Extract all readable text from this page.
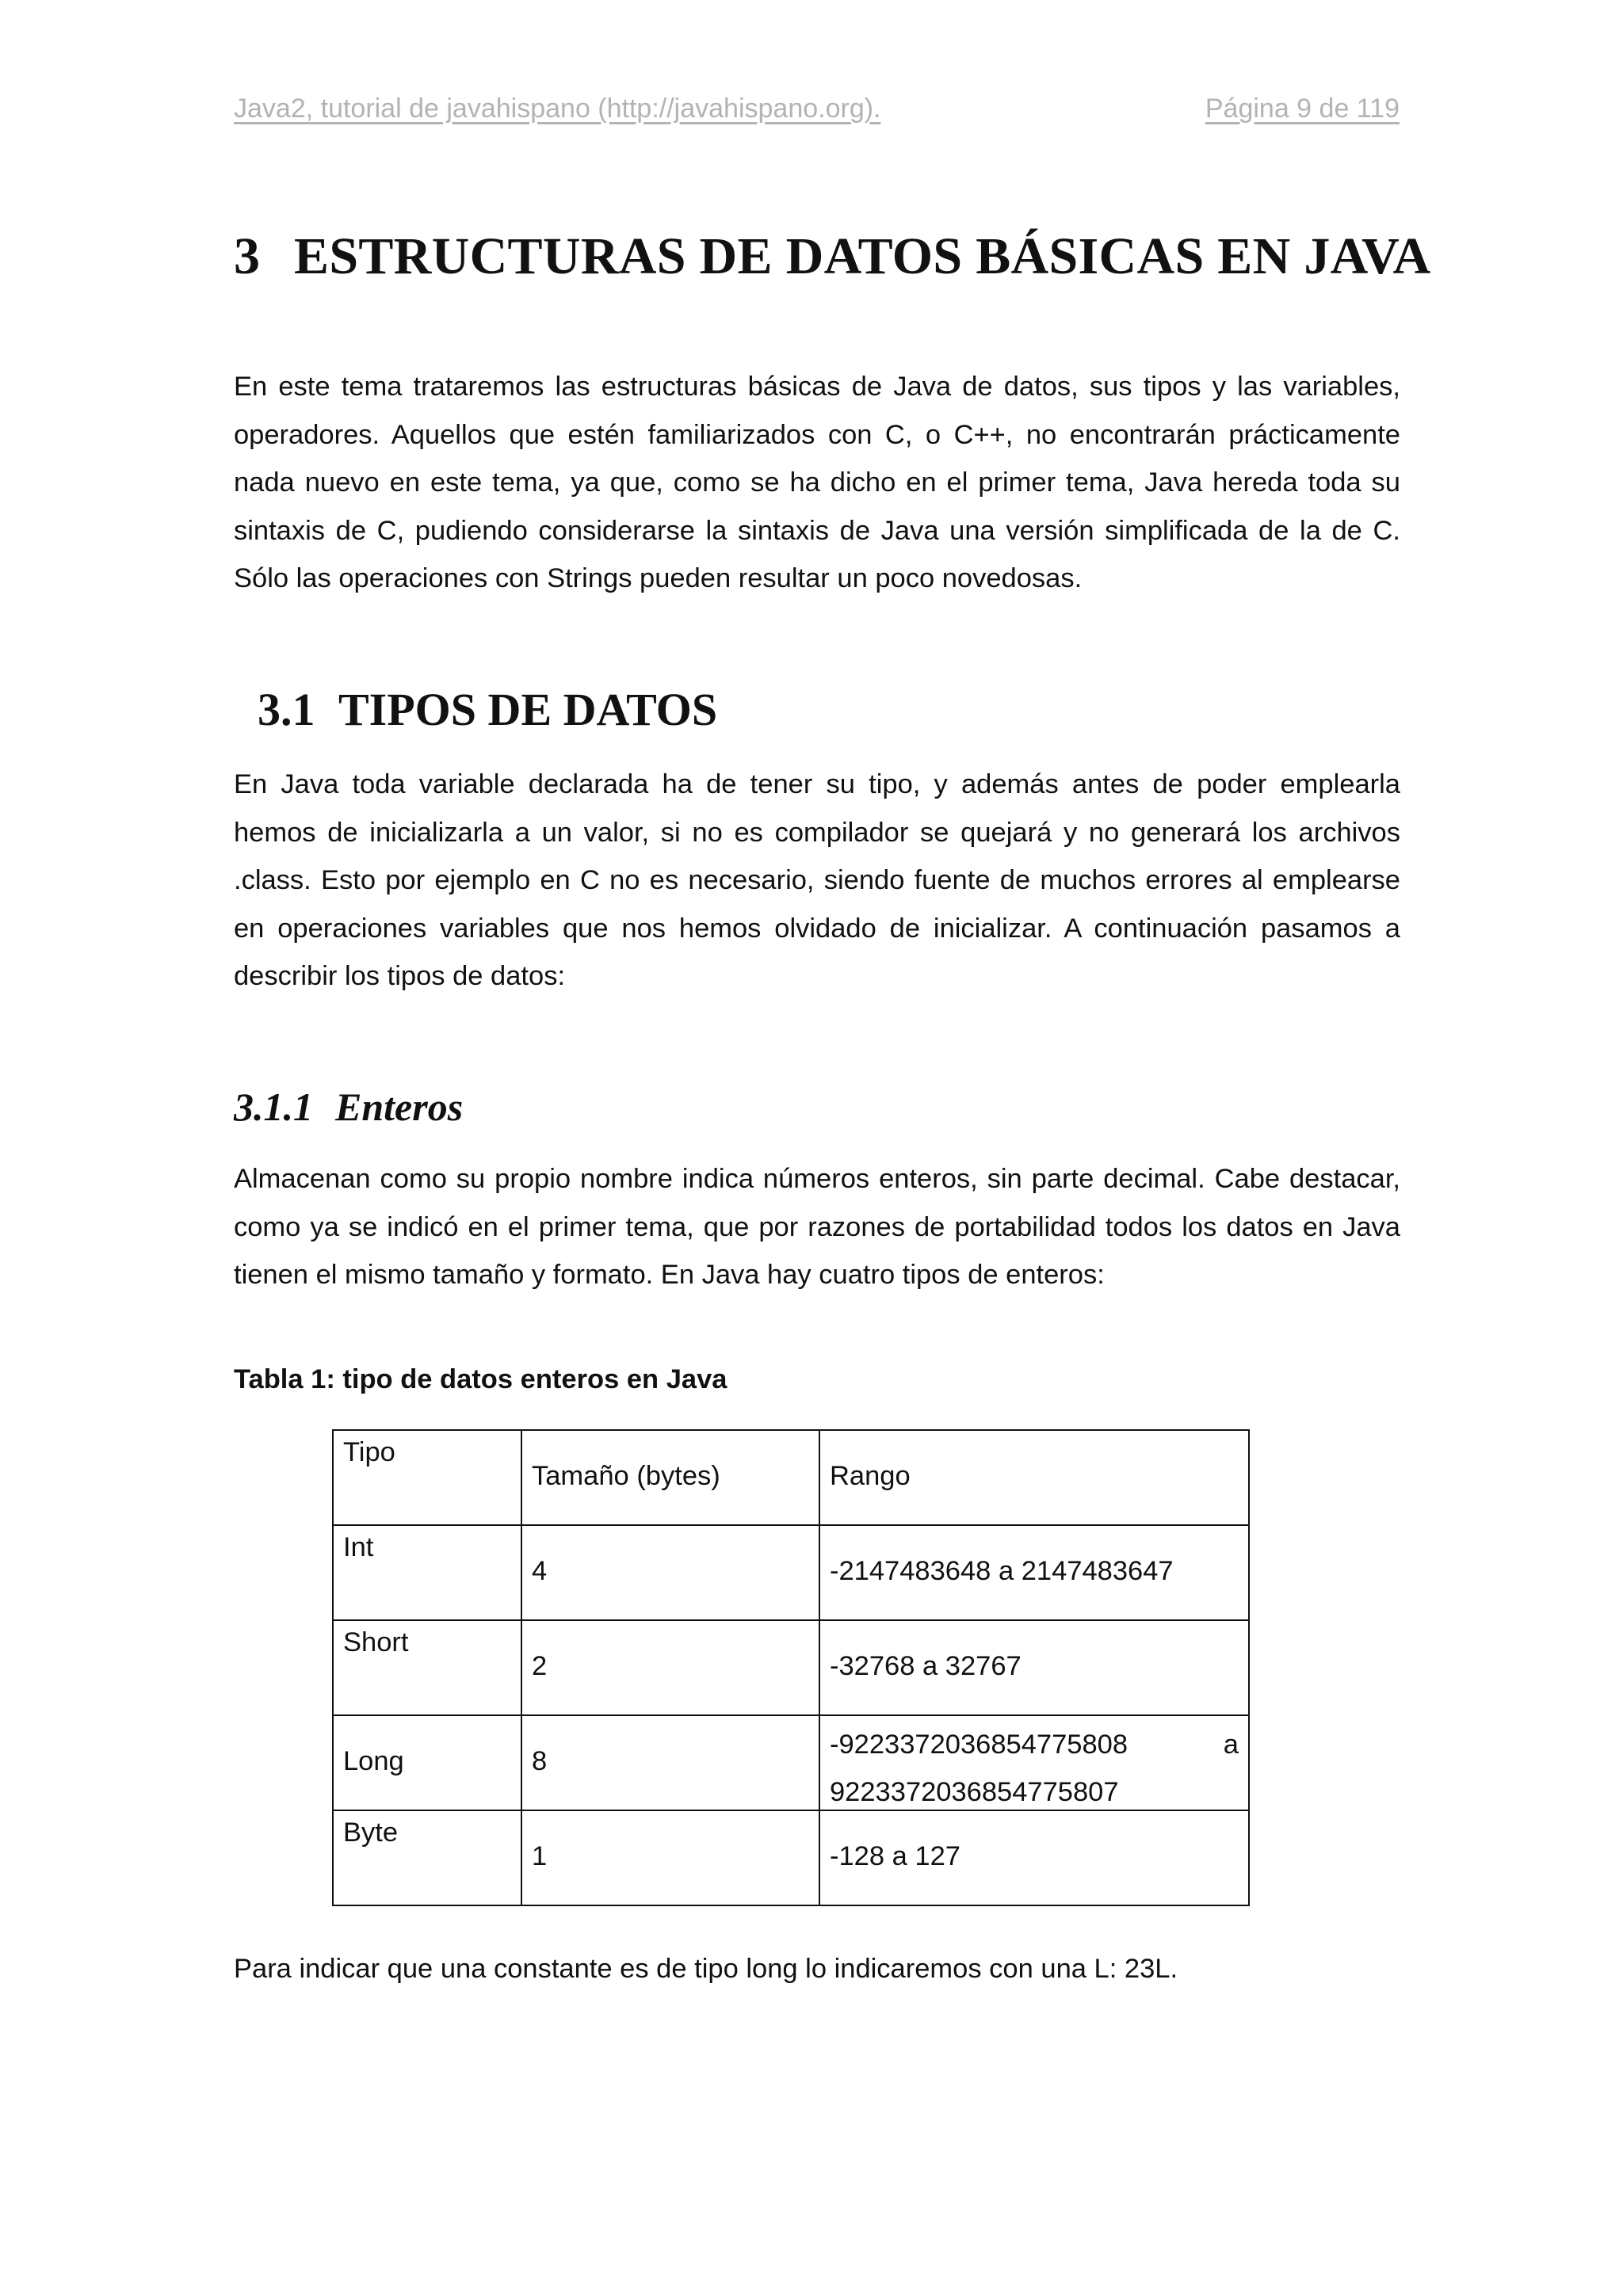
Java2, tutorial de javahispano (http://javahispano.org).	Página 9 de 119
3 ESTRUCTURAS DE DATOS BÁSICAS EN JAVA
En este tema trataremos las estructuras básicas de Java de datos, sus tipos y las variables,
operadores. Aquellos que estén familiarizados con C, o C++, no encontrarán prácticamente
nada nuevo en este tema, ya que, como se ha dicho en el primer tema, Java hereda toda su
sintaxis de C, pudiendo considerarse la sintaxis de Java una versión simplificada de la de C.
Sólo las operaciones con Strings pueden resultar un poco novedosas.
3.1 TIPOS DE DATOS
En Java toda variable declarada ha de tener su tipo, y además antes de poder emplearla
hemos de inicializarla a un valor, si no es compilador se quejará y no generará los archivos
.class. Esto por ejemplo en C no es necesario, siendo fuente de muchos errores al emplearse
en operaciones variables que nos hemos olvidado de inicializar. A continuación pasamos a
describir los tipos de datos:
3.1.1 Enteros
Almacenan como su propio nombre indica números enteros, sin parte decimal. Cabe destacar,
como ya se indicó en el primer tema, que por razones de portabilidad todos los datos en Java
tienen el mismo tamaño y formato. En Java hay cuatro tipos de enteros:
Tabla 1: tipo de datos enteros en Java
Tipo	Tamaño (bytes)	Rango

Int	4	-2147483648 a 2147483647

Short	2	-32768 a 32767

Long	8	-9223372036854775808 a
9223372036854775807

Byte	1	-128 a 127
Para indicar que una constante es de tipo long lo indicaremos con una L: 23L.
